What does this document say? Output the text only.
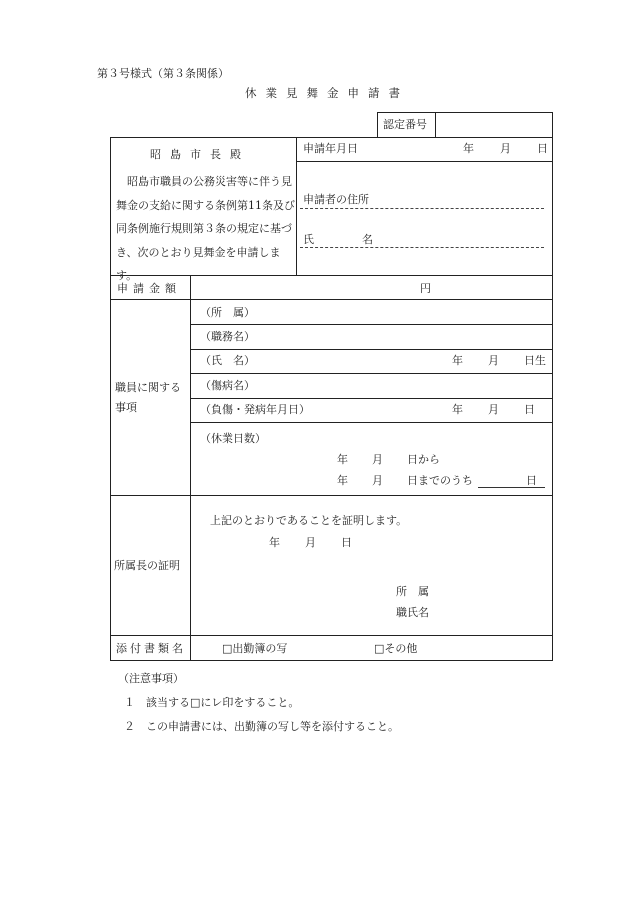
第３号様式（第３条関係）
休業見舞金申請書
認定番号
昭島市長殿
　昭島市職員の公務災害等に伴う見舞金の支給に関する条例第11条及び同条例施行規則第３条の規定に基づき、次のとおり見舞金を申請します。
申請年月日	年 月 日
申請者の住所
氏	名
申請金額	円
職員に関する
事項
（所　属）
（職務名）
（氏　名）	年 月 日生
（傷病名）
（負傷・発病年月日）	年 月 日
（休業日数）
年 月 日から
年 月 日までのうち	日
所属長の証明
上記のとおりであることを証明します。
年 月 日
所　属
職氏名
添付書類名	□出勤簿の写	□その他
（注意事項）
１　該当する□にレ印をすること。
２　この申請書には、出勤簿の写し等を添付すること。
